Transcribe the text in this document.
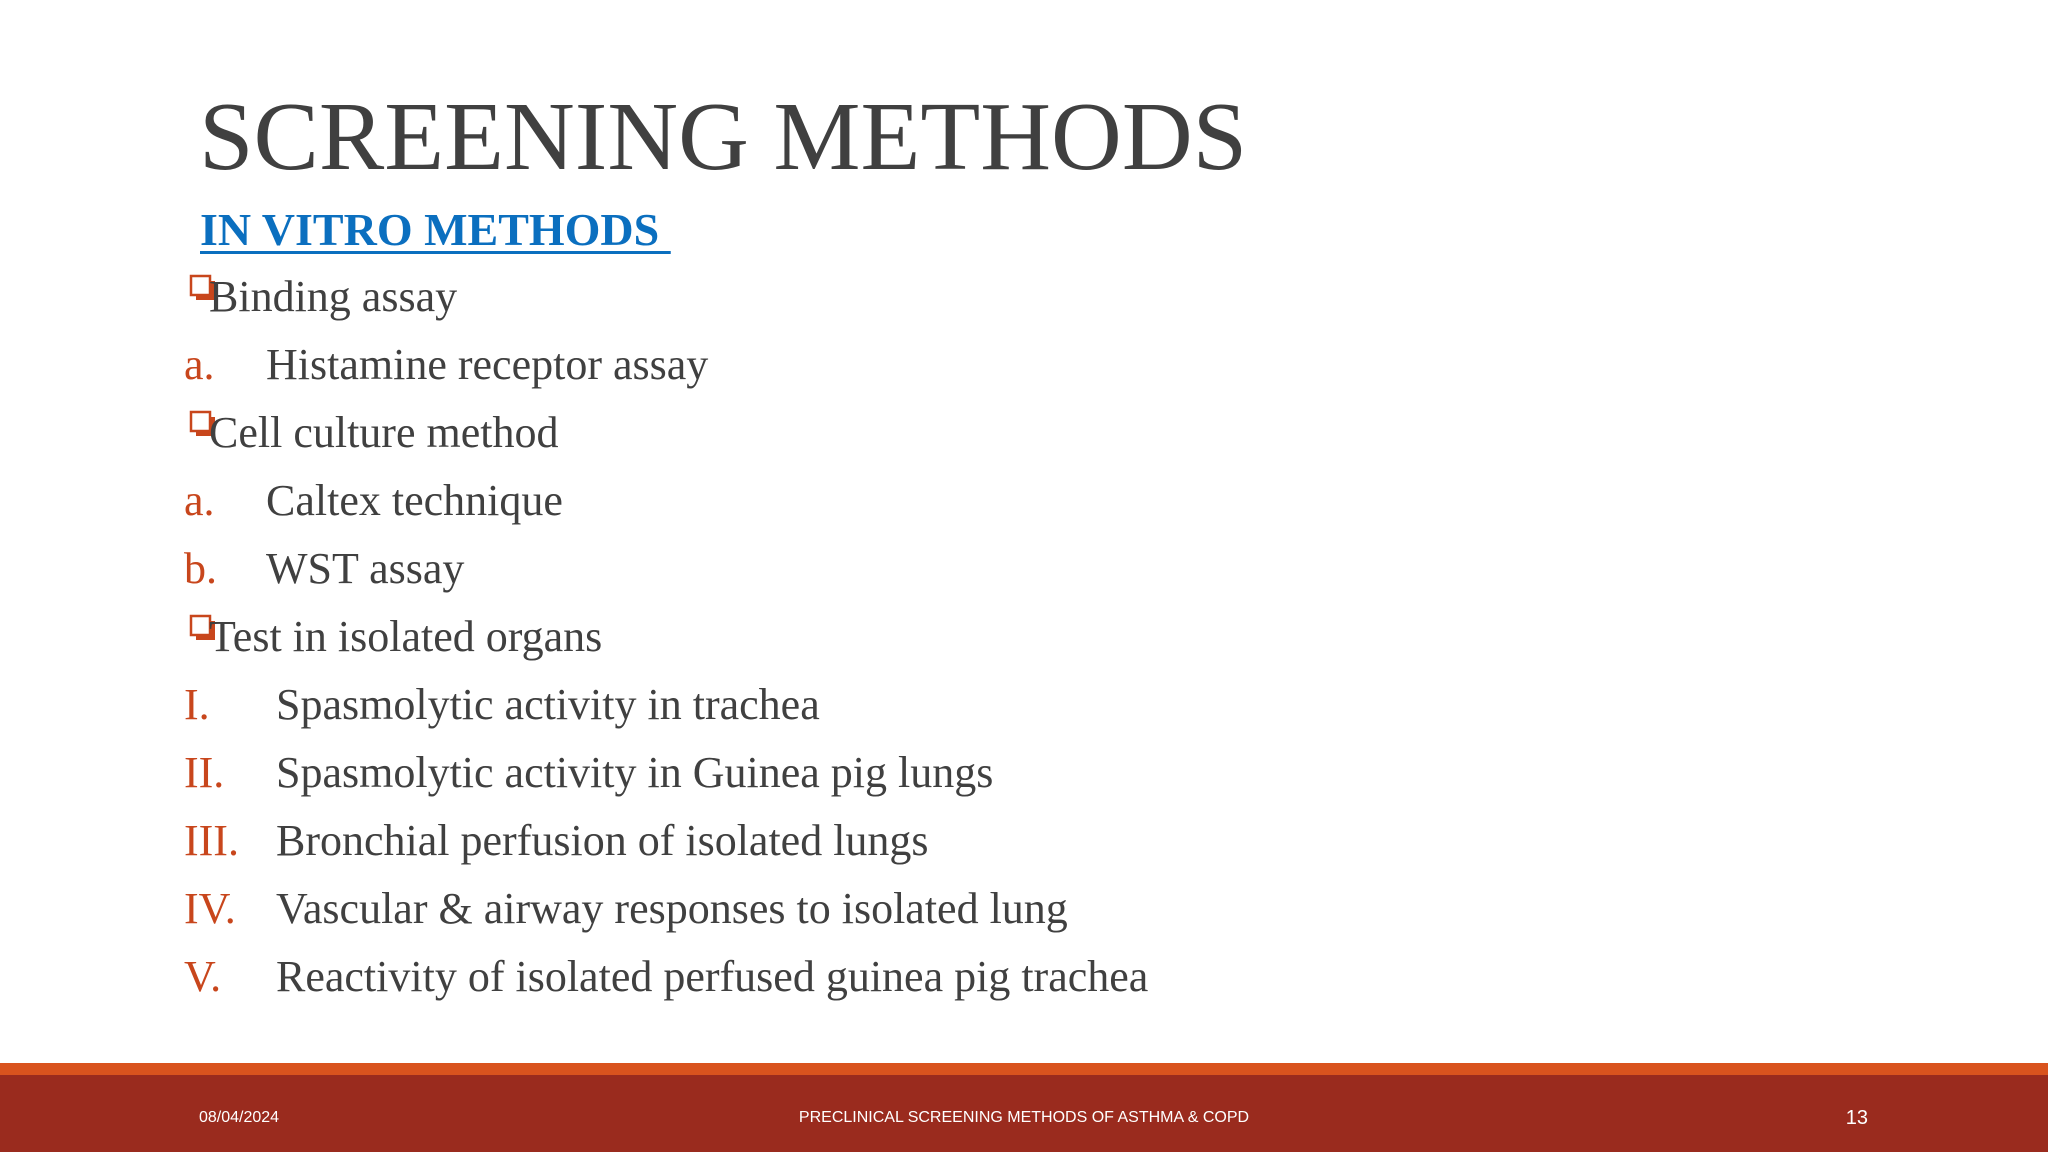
SCREENING METHODS
IN VITRO METHODS
Binding assay
a. Histamine receptor assay
Cell culture method
a. Caltex technique
b. WST assay
Test in isolated organs
I. Spasmolytic activity in trachea
II. Spasmolytic activity in Guinea pig lungs
III. Bronchial perfusion of isolated lungs
IV. Vascular & airway responses to isolated lung
V. Reactivity of isolated perfused guinea pig trachea
08/04/2024	PRECLINICAL SCREENING METHODS OF ASTHMA & COPD	13
